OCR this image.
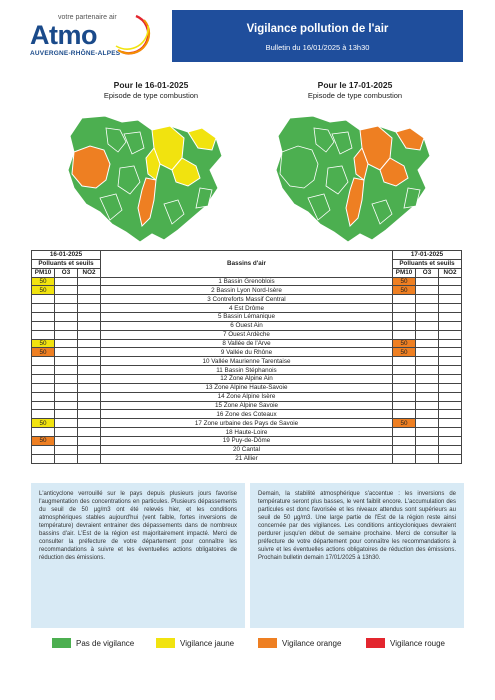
votre partenaire air
Atmo
AUVERGNE-RHÔNE-ALPES
Vigilance pollution de l'air
Bulletin du 16/01/2025 à 13h30
Pour le 16-01-2025
Episode de type combustion
Pour le 17-01-2025
Episode de type combustion
16-01-2025			Bassins d'air	17-01-2025		
Polluants et seuils				Polluants et seuils		
PM10	O3	NO2		PM10	O3	NO2
50			1 Bassin Grenoblois	50		
50			2 Bassin Lyon Nord-Isère	50		
			3 Contreforts Massif Central			
			4 Est Drôme			
			5 Bassin Lémanique			
			6 Ouest Ain			
			7 Ouest Ardèche			
50			8 Vallée de l'Arve	50		
50			9 Vallée du Rhône	50		
			10 Vallée Maurienne Tarentaise			
			11 Bassin Stéphanois			
			12 Zone Alpine Ain			
			13 Zone Alpine Haute-Savoie			
			14 Zone Alpine Isère			
			15 Zone Alpine Savoie			
			16 Zone des Coteaux			
50			17 Zone urbaine des Pays de Savoie	50		
			18 Haute-Loire			
50			19 Puy-de-Dôme			
			20 Cantal			
			21 Allier			
L'anticyclone verrouillé sur le pays depuis plusieurs jours favorise l'augmentation des concentrations en particules. Plusieurs dépassements du seuil de 50 µg/m3 ont été relevés hier, et les conditions atmosphériques stables aujourd'hui (vent faible, fortes inversions de température) devraient entrainer des dépassements dans de nombreux bassins d'air. L'Est de la région est majoritairement impacté. Merci de consulter la préfecture de votre département pour connaître les recommandations à suivre et les éventuelles actions obligatoires de réduction des émissions.
Demain, la stabilité atmosphérique s'accentue : les inversions de température seront plus basses, le vent faiblit encore. L'accumulation des particules est donc favorisée et les niveaux attendus sont supérieurs au seuil de 50 µg/m3. Une large partie de l'Est de la région reste ainsi concernée par des vigilances. Les conditions anticycloniques devraient perdurer jusqu'en début de semaine prochaine. Merci de consulter la préfecture de votre département pour connaître les recommandations à suivre et les éventuelles actions obligatoires de réduction des émissions. Prochain bulletin demain 17/01/2025 à 13h30.
Pas de vigilance	Vigilance jaune	Vigilance orange	Vigilance rouge
